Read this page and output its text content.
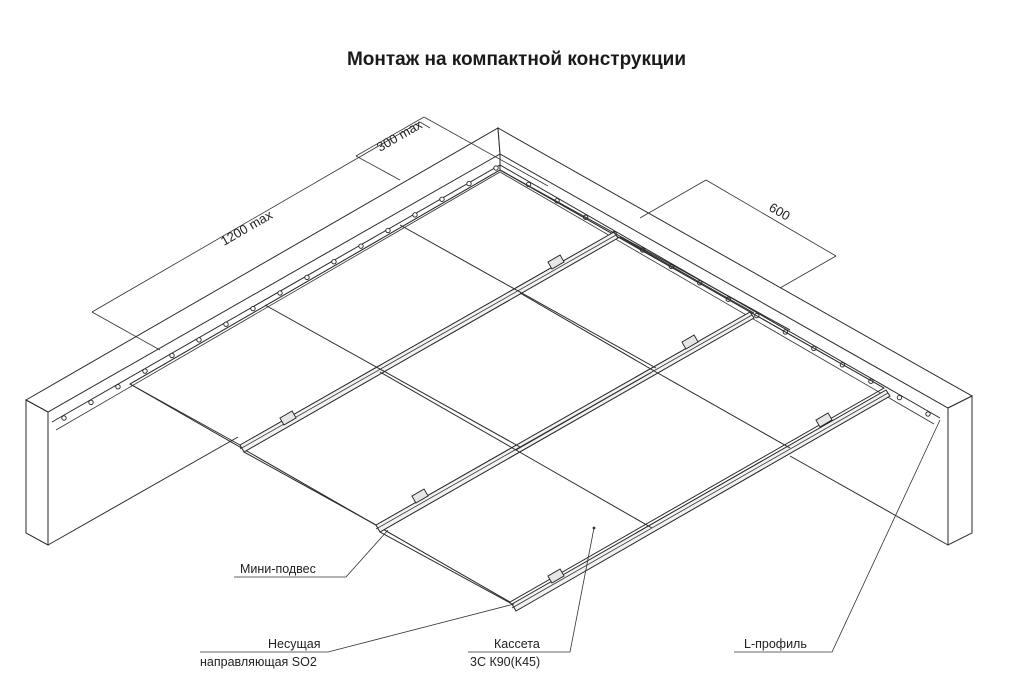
Монтаж на компактной конструкции
1200 max
300 max
600
Мини-подвес
Несущая
направляющая SO2
Кассета
3С К90(К45)
L-профиль
